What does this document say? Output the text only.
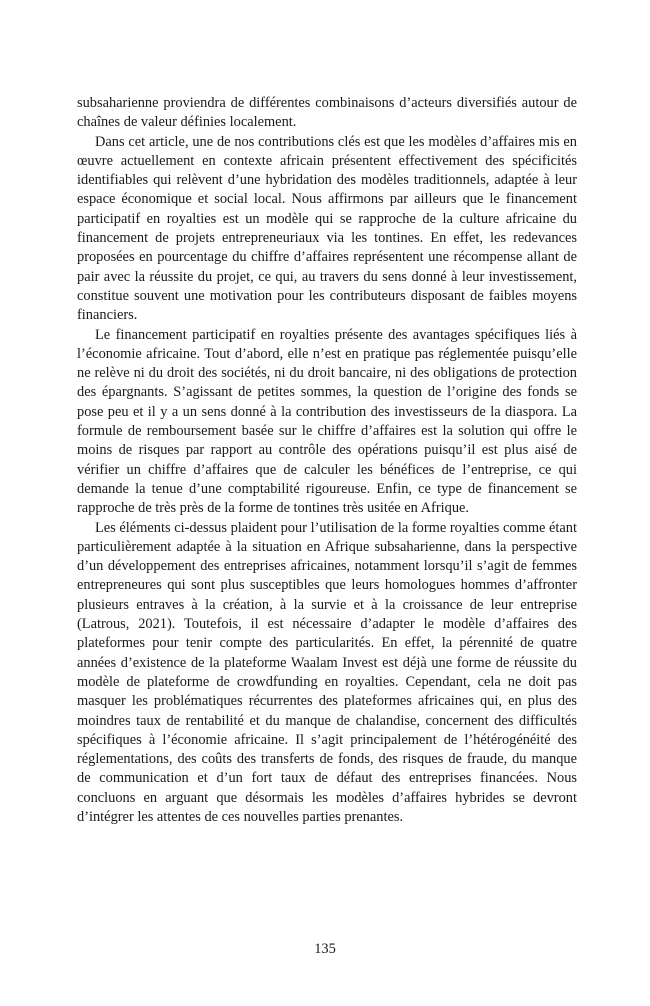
subsaharienne proviendra de différentes combinaisons d’acteurs diversifiés autour de chaînes de valeur définies localement.

Dans cet article, une de nos contributions clés est que les modèles d’affaires mis en œuvre actuellement en contexte africain présentent effectivement des spécificités identifiables qui relèvent d’une hybridation des modèles traditionnels, adaptée à leur espace économique et social local. Nous affirmons par ailleurs que le financement participatif en royalties est un modèle qui se rapproche de la culture africaine du financement de projets entrepreneuriaux via les tontines. En effet, les redevances proposées en pourcentage du chiffre d’affaires représentent une récompense allant de pair avec la réussite du projet, ce qui, au travers du sens donné à leur investissement, constitue souvent une motivation pour les contributeurs disposant de faibles moyens financiers.

Le financement participatif en royalties présente des avantages spécifiques liés à l’économie africaine. Tout d’abord, elle n’est en pratique pas réglementée puisqu’elle ne relève ni du droit des sociétés, ni du droit bancaire, ni des obligations de protection des épargnants. S’agissant de petites sommes, la question de l’origine des fonds se pose peu et il y a un sens donné à la contribution des investisseurs de la diaspora. La formule de remboursement basée sur le chiffre d’affaires est la solution qui offre le moins de risques par rapport au contrôle des opérations puisqu’il est plus aisé de vérifier un chiffre d’affaires que de calculer les bénéfices de l’entreprise, ce qui demande la tenue d’une comptabilité rigoureuse. Enfin, ce type de financement se rapproche de très près de la forme de tontines très usitée en Afrique.

Les éléments ci-dessus plaident pour l’utilisation de la forme royalties comme étant particulièrement adaptée à la situation en Afrique subsaharienne, dans la perspective d’un développement des entreprises africaines, notamment lorsqu’il s’agit de femmes entrepreneures qui sont plus susceptibles que leurs homologues hommes d’affronter plusieurs entraves à la création, à la survie et à la croissance de leur entreprise (Latrous, 2021). Toutefois, il est nécessaire d’adapter le modèle d’affaires des plateformes pour tenir compte des particularités. En effet, la pérennité de quatre années d’existence de la plateforme Waalam Invest est déjà une forme de réussite du modèle de plateforme de crowdfunding en royalties. Cependant, cela ne doit pas masquer les problématiques récurrentes des plateformes africaines qui, en plus des moindres taux de rentabilité et du manque de chalandise, concernent des difficultés spécifiques à l’économie africaine. Il s’agit principalement de l’hétérogénéité des réglementations, des coûts des transferts de fonds, des risques de fraude, du manque de communication et d’un fort taux de défaut des entreprises financées. Nous concluons en arguant que désormais les modèles d’affaires hybrides se devront d’intégrer les attentes de ces nouvelles parties prenantes.

135
